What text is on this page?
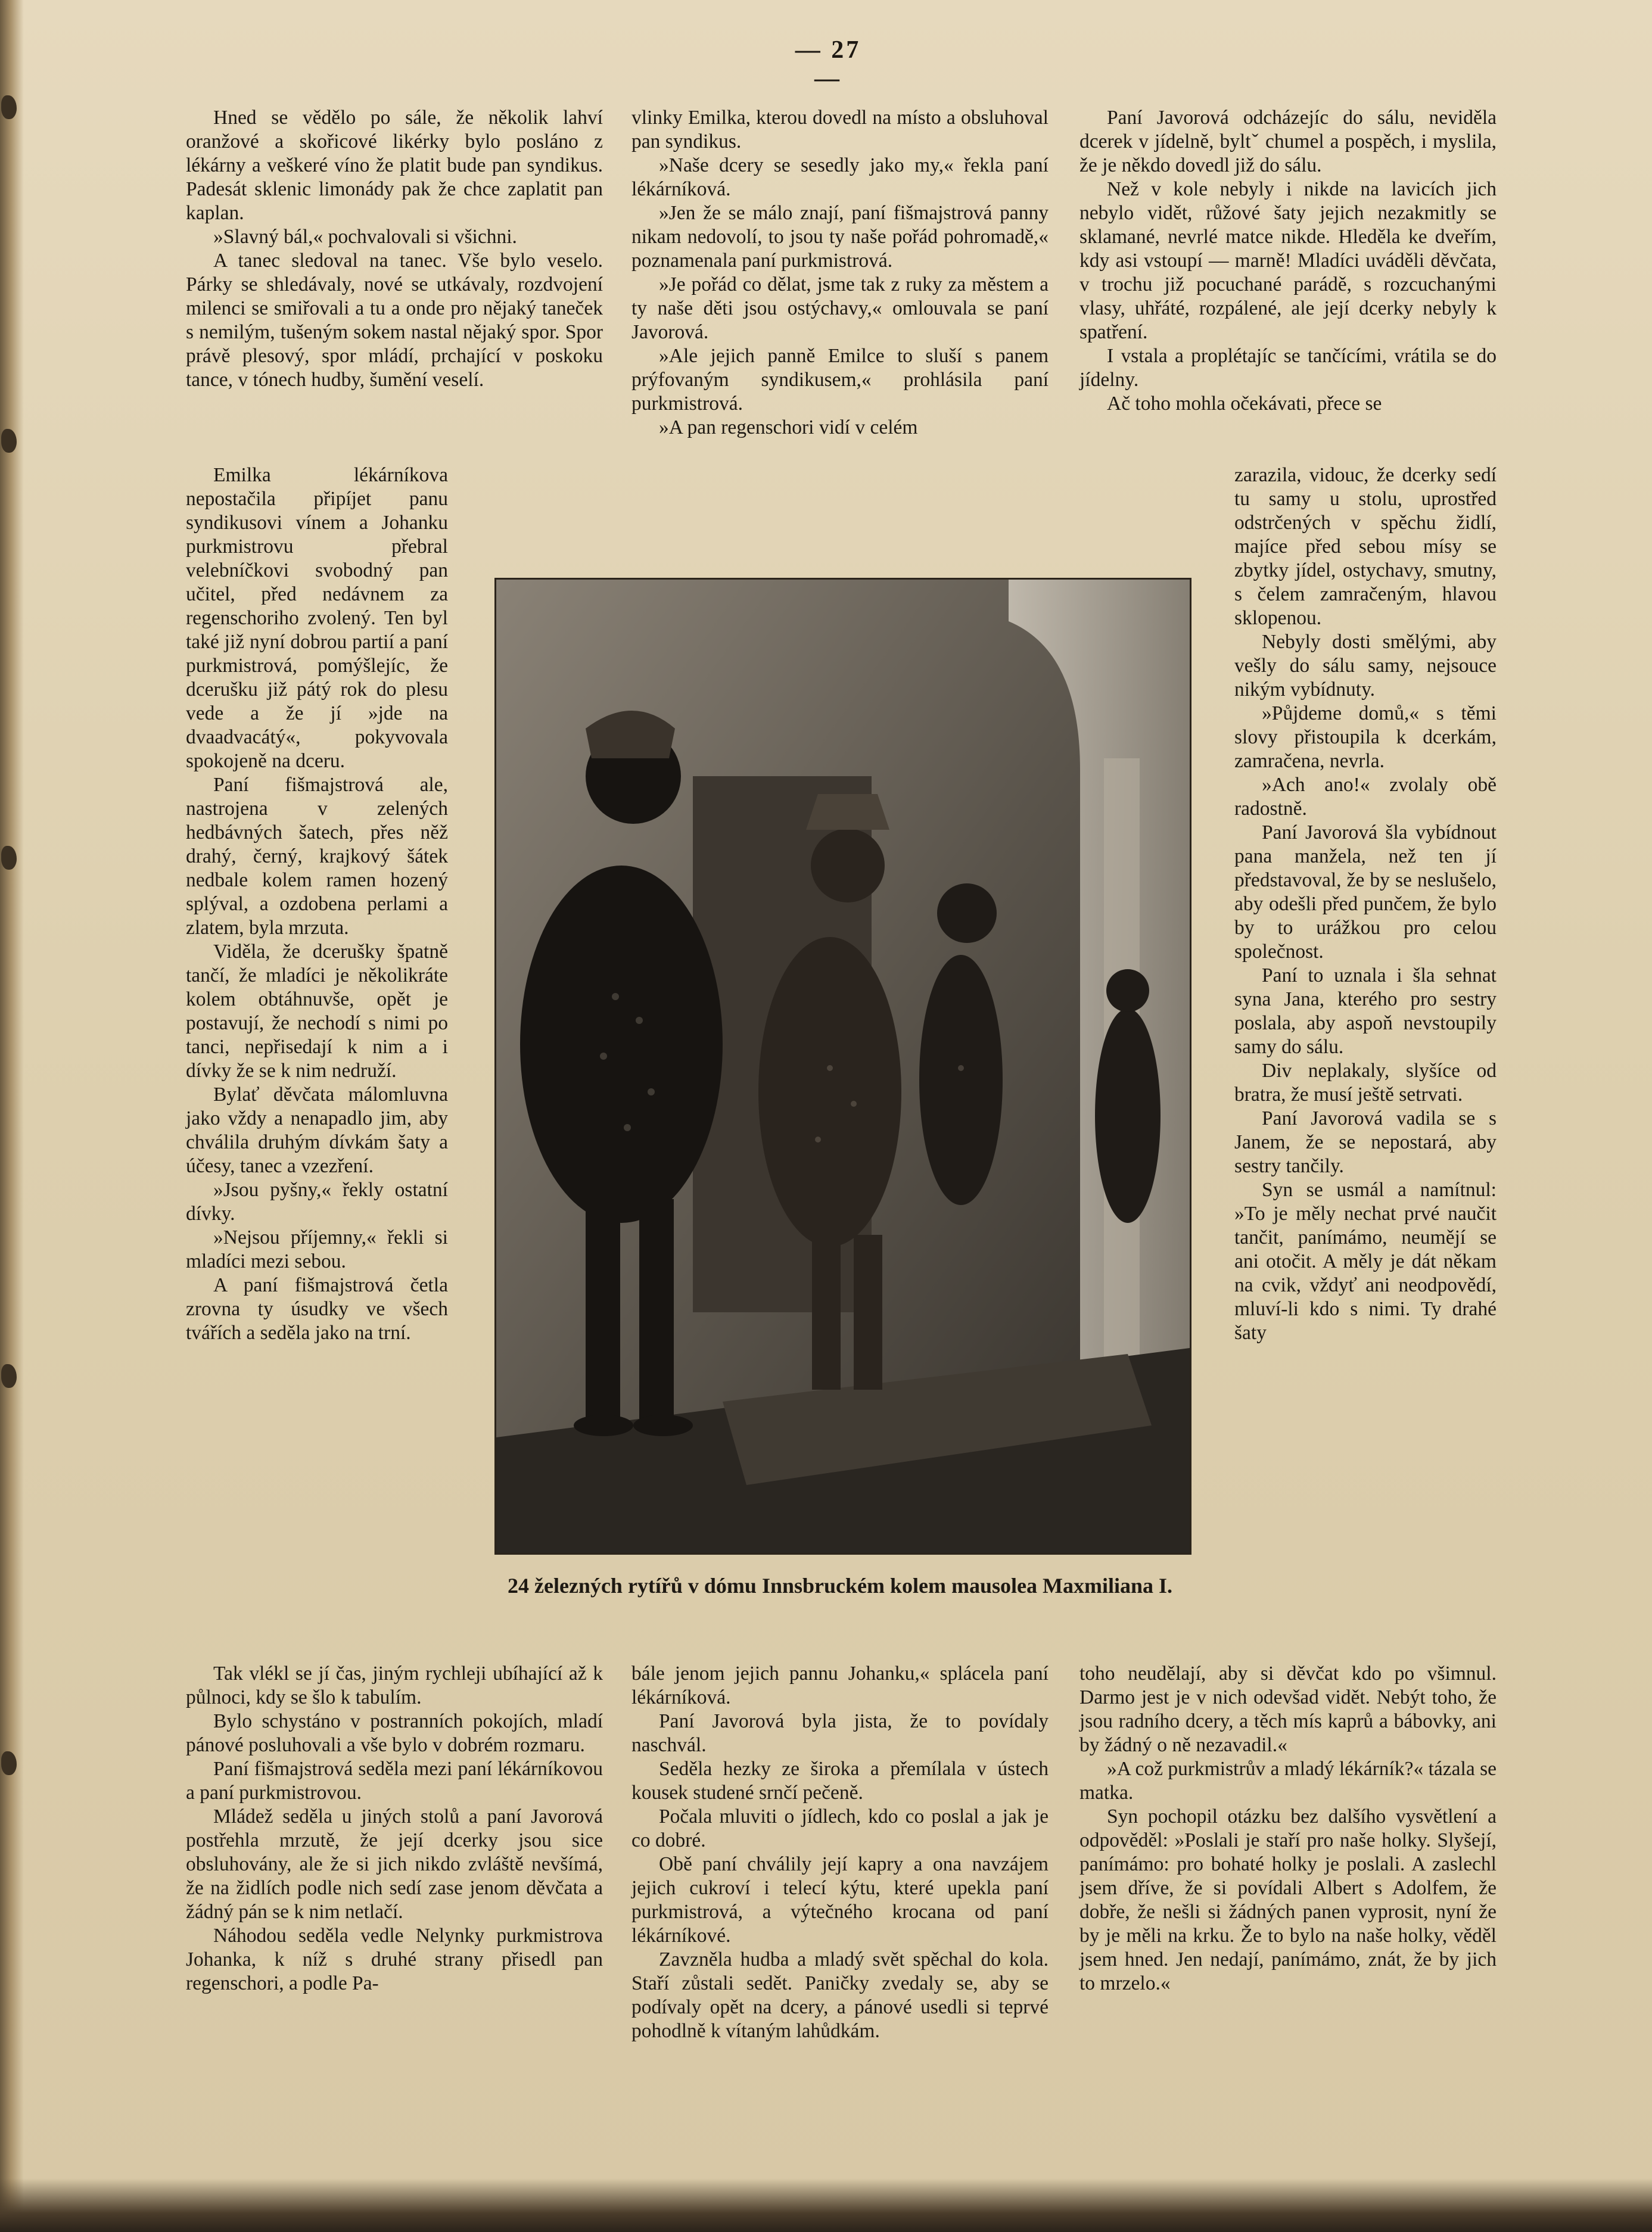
— 27 —

Hned se vědělo po sále, že několik lahví oranžové a skořicové likérky bylo posláno z lékárny a veškeré víno že platit bude pan syndikus. Padesát sklenic limonády pak že chce zaplatit pan kaplan.

»Slavný bál,« pochvalovali si všichni.

A tanec sledoval na tanec. Vše bylo veselo. Párky se shledávaly, nové se utkávaly, rozdvojení milenci se smiřovali a tu a onde pro nějaký taneček s nemilým, tušeným sokem nastal nějaký spor. Spor právě plesový, spor mládí, prchající v poskoku tance, v tónech hudby, šumění veselí.

Emilka lékárníkova nepostačila připíjet panu syndikusovi vínem a Johanku purkmistrovu přebral velebníčkovi svobodný pan učitel, před nedávnem za regenschoriho zvolený. Ten byl také již nyní dobrou partií a paní purkmistrová, pomýšlejíc, že dcerušku již pátý rok do plesu vede a že jí »jde na dvaadvacátý«, pokyvovala spokojeně na dceru.

Paní fišmajstrová ale, nastrojena v zelených hedbávných šatech, přes něž drahý, černý, krajkový šátek nedbale kolem ramen hozený splýval, a ozdobena perlami a zlatem, byla mrzuta.

Viděla, že dcerušky špatně tančí, že mladíci je několikráte kolem obtáhnuvše, opět je postavují, že nechodí s nimi po tanci, nepřisedají k nim a i dívky že se k nim nedruží.

Bylať děvčata málomluvna jako vždy a nenapadlo jim, aby chválila druhým dívkám šaty a účesy, tanec a vzezření.

»Jsou pyšny,« řekly ostatní dívky.

»Nejsou příjemny,« řekli si mladíci mezi sebou.

A paní fišmajstrová četla zrovna ty úsudky ve všech tvářích a seděla jako na trní.

Tak vlékl se jí čas, jiným rychleji ubíhající až k půlnoci, kdy se šlo k tabulím.

Bylo schystáno v postranních pokojích, mladí pánové posluhovali a vše bylo v dobrém rozmaru.

Paní fišmajstrová seděla mezi paní lékárníkovou a paní purkmistrovou.

Mládež seděla u jiných stolů a paní Javorová postřehla mrzutě, že její dcerky jsou sice obsluhovány, ale že si jich nikdo zvláště nevšímá, že na židlích podle nich sedí zase jenom děvčata a žádný pán se k nim netlačí.

Náhodou seděla vedle Nelynky purkmistrova Johanka, k níž s druhé strany přisedl pan regenschori, a podle Pa-

vlinky Emilka, kterou dovedl na místo a obsluhoval pan syndikus.

»Naše dcery se sesedly jako my,« řekla paní lékárníková.

»Jen že se málo znají, paní fišmajstrová panny nikam nedovolí, to jsou ty naše pořád pohromadě,« poznamenala paní purkmistrová.

»Je pořád co dělat, jsme tak z ruky za městem a ty naše děti jsou ostýchavy,« omlouvala se paní Javorová.

»Ale jejich panně Emilce to sluší s panem prýfovaným syndikusem,« prohlásila paní purkmistrová.

»A pan regenschori vidí v celém

24 železných rytířů v dómu Innsbruckém kolem mausolea Maxmiliana I.

bále jenom jejich pannu Johanku,« splácela paní lékárníková.

Paní Javorová byla jista, že to povídaly naschvál.

Seděla hezky ze široka a přemílala v ústech kousek studené srnčí pečeně.

Počala mluviti o jídlech, kdo co poslal a jak je co dobré.

Obě paní chválily její kapry a ona navzájem jejich cukroví i telecí kýtu, které upekla paní purkmistrová, a výtečného krocana od paní lékárníkové.

Zavzněla hudba a mladý svět spěchal do kola. Staří zůstali sedět. Paničky zvedaly se, aby se podívaly opět na dcery, a pánové usedli si teprvé pohodlně k vítaným lahůdkám.

Paní Javorová odcházejíc do sálu, neviděla dcerek v jídelně, byltˇ chumel a pospěch, i myslila, že je někdo dovedl již do sálu.

Než v kole nebyly i nikde na lavicích jich nebylo vidět, růžové šaty jejich nezakmitly se sklamané, nevrlé matce nikde. Hleděla ke dveřím, kdy asi vstoupí — marně! Mladíci uváděli děvčata, v trochu již pocuchané parádě, s rozcuchanými vlasy, uhřáté, rozpálené, ale její dcerky nebyly k spatření.

I vstala a proplétajíc se tančícími, vrátila se do jídelny.

Ač toho mohla očekávati, přece se

zarazila, vidouc, že dcerky sedí tu samy u stolu, uprostřed odstrčených v spěchu židlí, majíce před sebou mísy se zbytky jídel, ostychavy, smutny, s čelem zamračeným, hlavou sklopenou.

Nebyly dosti smělými, aby vešly do sálu samy, nejsouce nikým vybídnuty.

»Půjdeme domů,« s těmi slovy přistoupila k dcerkám, zamračena, nevrla.

»Ach ano!« zvolaly obě radostně.

Paní Javorová šla vybídnout pana manžela, než ten jí představoval, že by se neslušelo, aby odešli před punčem, že bylo by to urážkou pro celou společnost.

Paní to uznala i šla sehnat syna Jana, kterého pro sestry poslala, aby aspoň nevstoupily samy do sálu.

Div neplakaly, slyšíce od bratra, že musí ještě setrvati.

Paní Javorová vadila se s Janem, že se nepostará, aby sestry tančily.

Syn se usmál a namítnul: »To je měly nechat prvé naučit tančit, panímámo, neumějí se ani otočit. A měly je dát někam na cvik, vždyť ani neodpovědí, mluví-li kdo s nimi. Ty drahé šaty

toho neudělají, aby si děvčat kdo po všimnul. Darmo jest je v nich odevšad vidět. Nebýt toho, že jsou radního dcery, a těch mís kaprů a bábovky, ani by žádný o ně nezavadil.«

»A což purkmistrův a mladý lékárník?« tázala se matka.

Syn pochopil otázku bez dalšího vysvětlení a odpověděl: »Poslali je staří pro naše holky. Slyšejí, panímámo: pro bohaté holky je poslali. A zaslechl jsem dříve, že si povídali Albert s Adolfem, že dobře, že nešli si žádných panen vyprosit, nyní že by je měli na krku. Že to bylo na naše holky, věděl jsem hned. Jen nedají, panímámo, znát, že by jich to mrzelo.«
